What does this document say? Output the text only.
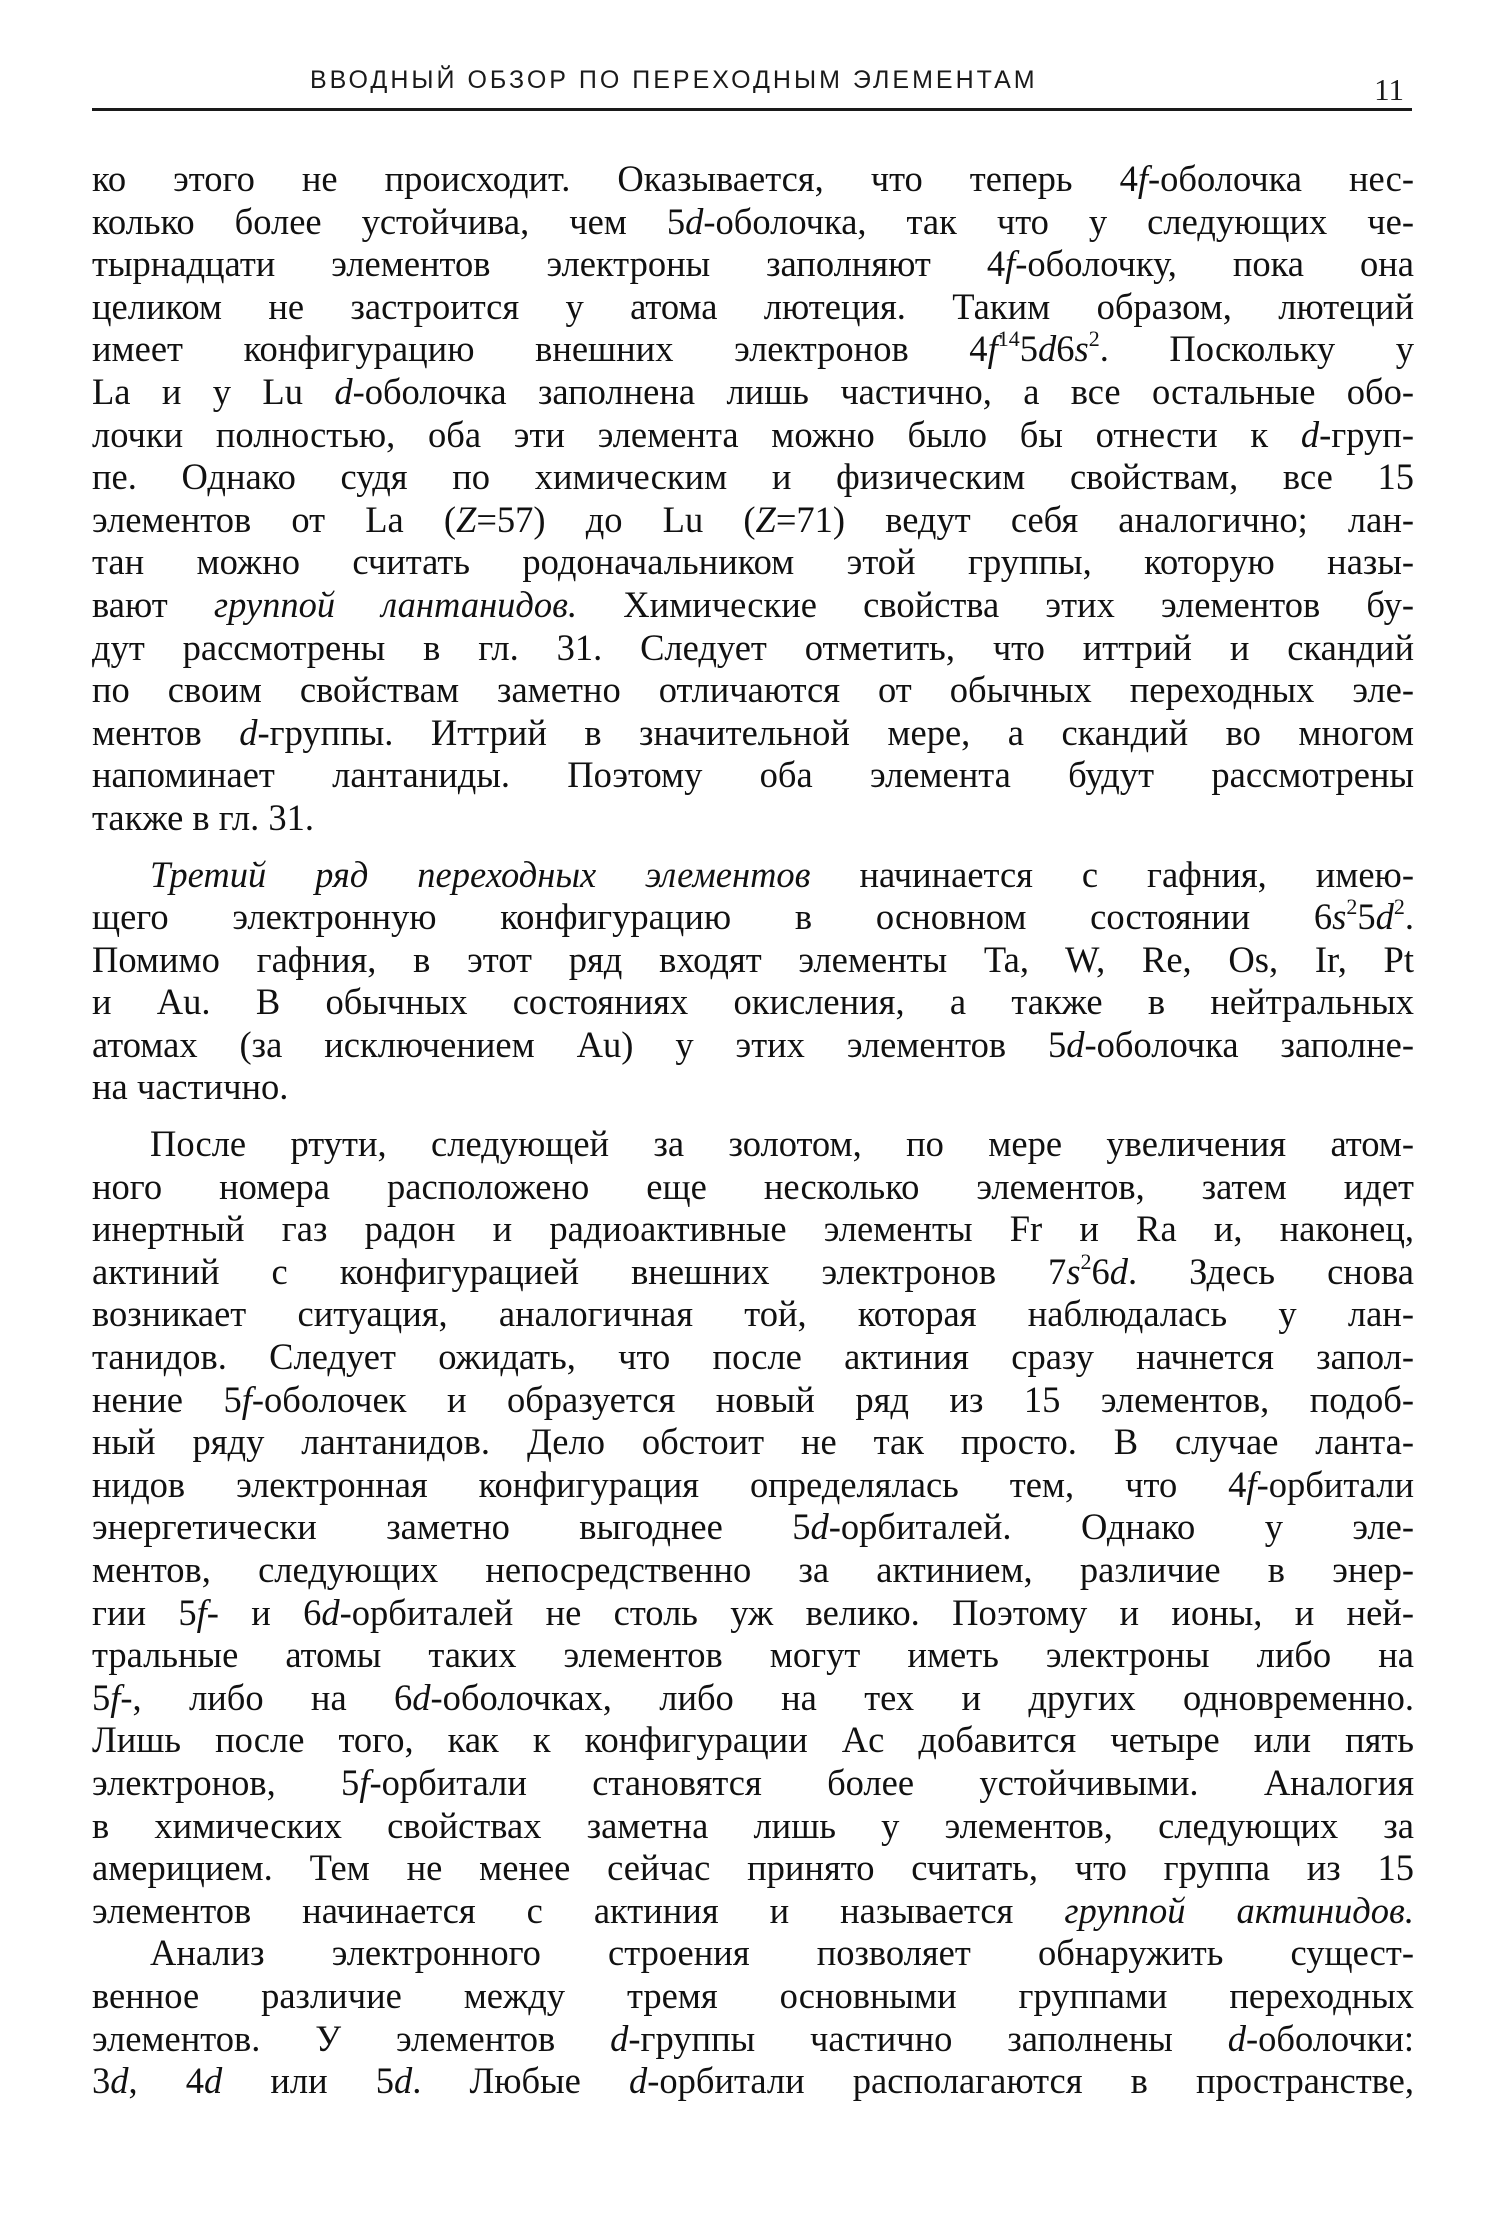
ВВОДНЫЙ ОБЗОР ПО ПЕРЕХОДНЫМ ЭЛЕМЕНТАМ	11
ко этого не происходит. Оказывается, что теперь 4f-оболочка нес-
колько более устойчива, чем 5d-оболочка, так что у следующих че-
тырнадцати элементов электроны заполняют 4f-оболочку, пока она
целиком не застроится у атома лютеция. Таким образом, лютеций
имеет конфигурацию внешних электронов $4f^{14}5d6s^2$. Поскольку у
La и у Lu d-оболочка заполнена лишь частично, а все остальные обо-
лочки полностью, оба эти элемента можно было бы отнести к d-груп-
пе. Однако судя по химическим и физическим свойствам, все 15
элементов от La (Z=57) до Lu (Z=71) ведут себя аналогично; лан-
тан можно считать родоначальником этой группы, которую назы-
вают группой лантанидов. Химические свойства этих элементов бу-
дут рассмотрены в гл. 31. Следует отметить, что иттрий и скандий
по своим свойствам заметно отличаются от обычных переходных эле-
ментов d-группы. Иттрий в значительной мере, а скандий во многом
напоминает лантаниды. Поэтому оба элемента будут рассмотрены
также в гл. 31.
Третий ряд переходных элементов начинается с гафния, имею-
щего электронную конфигурацию в основном состоянии $6s^25d^2$.
Помимо гафния, в этот ряд входят элементы Ta, W, Re, Os, Ir, Pt
и Au. В обычных состояниях окисления, а также в нейтральных
атомах (за исключением Au) у этих элементов 5d-оболочка заполне-
на частично.
После ртути, следующей за золотом, по мере увеличения атом-
ного номера расположено еще несколько элементов, затем идет
инертный газ радон и радиоактивные элементы Fr и Ra и, наконец,
актиний с конфигурацией внешних электронов $7s^26d$. Здесь снова
возникает ситуация, аналогичная той, которая наблюдалась у лан-
танидов. Следует ожидать, что после актиния сразу начнется запол-
нение 5f-оболочек и образуется новый ряд из 15 элементов, подоб-
ный ряду лантанидов. Дело обстоит не так просто. В случае ланта-
нидов электронная конфигурация определялась тем, что 4f-орбитали
энергетически заметно выгоднее 5d-орбиталей. Однако у эле-
ментов, следующих непосредственно за актинием, различие в энер-
гии 5f- и 6d-орбиталей не столь уж велико. Поэтому и ионы, и ней-
тральные атомы таких элементов могут иметь электроны либо на
5f-, либо на 6d-оболочках, либо на тех и других одновременно.
Лишь после того, как к конфигурации Ac добавится четыре или пять
электронов, 5f-орбитали становятся более устойчивыми. Аналогия
в химических свойствах заметна лишь у элементов, следующих за
америцием. Тем не менее сейчас принято считать, что группа из 15
элементов начинается с актиния и называется группой актинидов.
Анализ электронного строения позволяет обнаружить сущест-
венное различие между тремя основными группами переходных
элементов. У элементов d-группы частично заполнены d-оболочки:
3d, 4d или 5d. Любые d-орбитали располагаются в пространстве,
